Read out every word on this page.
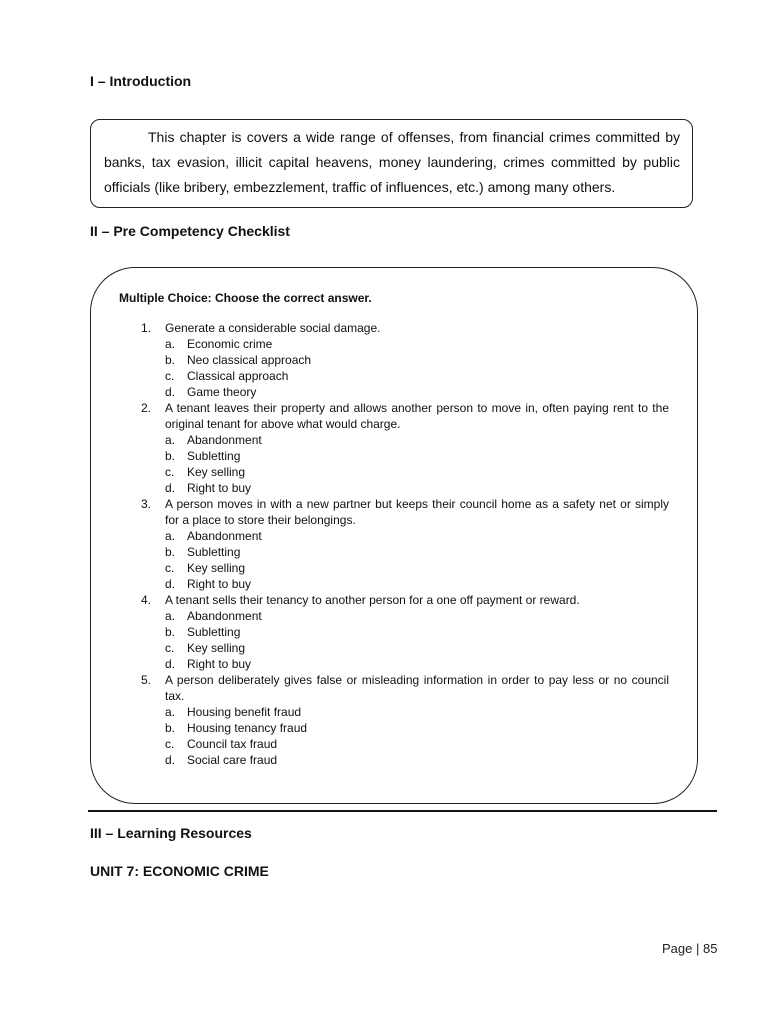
I – Introduction

This chapter is covers a wide range of offenses, from financial crimes committed by banks, tax evasion, illicit capital heavens, money laundering, crimes committed by public officials (like bribery, embezzlement, traffic of influences, etc.) among many others.

II – Pre Competency Checklist

Multiple Choice: Choose the correct answer.

1. Generate a considerable social damage.
a. Economic crime
b. Neo classical approach
c. Classical approach
d. Game theory
2. A tenant leaves their property and allows another person to move in, often paying rent to the original tenant for above what would charge.
a. Abandonment
b. Subletting
c. Key selling
d. Right to buy
3. A person moves in with a new partner but keeps their council home as a safety net or simply for a place to store their belongings.
a. Abandonment
b. Subletting
c. Key selling
d. Right to buy
4. A tenant sells their tenancy to another person for a one off payment or reward.
a. Abandonment
b. Subletting
c. Key selling
d. Right to buy
5. A person deliberately gives false or misleading information in order to pay less or no council tax.
a. Housing benefit fraud
b. Housing tenancy fraud
c. Council tax fraud
d. Social care fraud
III – Learning Resources
UNIT 7: ECONOMIC CRIME

Page | 85
